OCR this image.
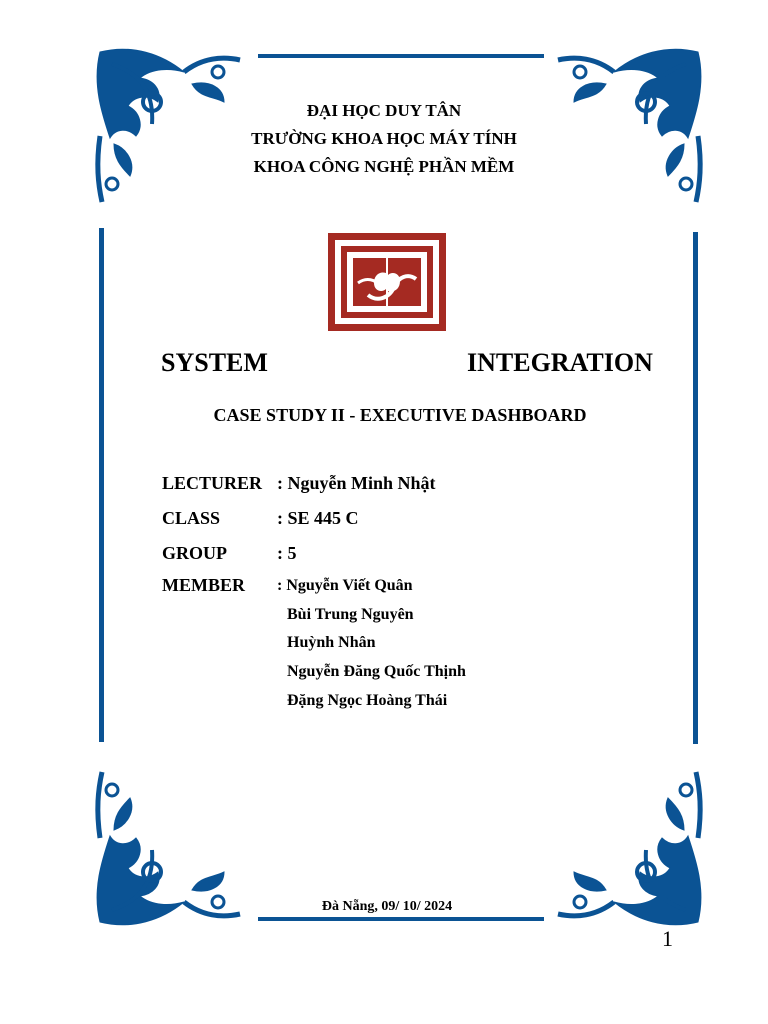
ĐẠI HỌC DUY TÂN
TRƯỜNG KHOA HỌC MÁY TÍNH
KHOA CÔNG NGHỆ PHẦN MỀM
SYSTEM	INTEGRATION
CASE STUDY II - EXECUTIVE DASHBOARD
LECTURER : Nguyễn Minh Nhật
CLASS	: SE 445 C
GROUP	: 5
MEMBER	: Nguyễn Viết Quân
Bùi Trung Nguyên
Huỳnh Nhân
Nguyễn Đăng Quốc Thịnh
Đặng Ngọc Hoàng Thái
Đà Nẵng, 09/ 10/ 2024
1
